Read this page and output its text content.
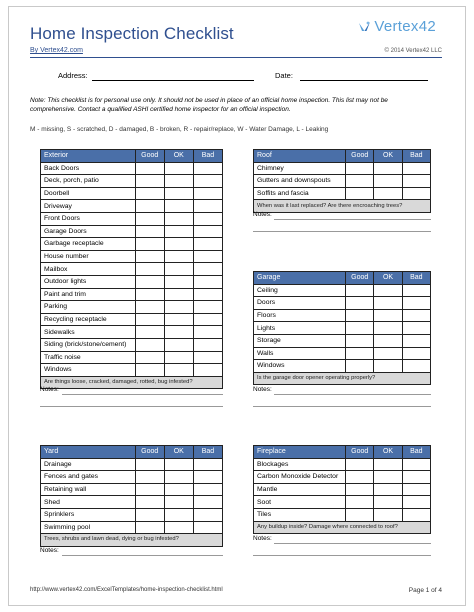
Home Inspection Checklist
By Vertex42.com
Vertex42
© 2014 Vertex42 LLC
Address:	Date:
Note: This checklist is for personal use only. It should not be used in place of an official home inspection. This list may not be comprehensive. Contact a qualified ASHI certified home inspector for an official inspection.
M - missing, S - scratched, D - damaged, B - broken, R - repair/replace, W - Water Damage, L - Leaking
Exterior	Good	OK	Bad
Back Doors			
Deck, porch, patio			
Doorbell			
Driveway			
Front Doors			
Garage Doors			
Garbage receptacle			
House number			
Mailbox			
Outdoor lights			
Paint and trim			
Parking			
Recycling receptacle			
Sidewalks			
Siding (brick/stone/cement)			
Traffic noise			
Windows			
Are things loose, cracked, damaged, rotted, bug infested?			
Notes:
Roof	Good	OK	Bad
Chimney			
Gutters and downspouts			
Soffits and fascia			
When was it last replaced? Are there encroaching trees?			
Notes:
Garage	Good	OK	Bad
Ceiling			
Doors			
Floors			
Lights			
Storage			
Walls			
Windows			
Is the garage door opener operating properly?			
Notes:
Yard	Good	OK	Bad
Drainage			
Fences and gates			
Retaining wall			
Shed			
Sprinklers			
Swimming pool			
Trees, shrubs and lawn dead, dying or bug infested?			
Notes:
Fireplace	Good	OK	Bad
Blockages			
Carbon Monoxide Detector			
Mantle			
Soot			
Tiles			
Any buildup inside? Damage where connected to roof?			
Notes:
http://www.vertex42.com/ExcelTemplates/home-inspection-checklist.html	Page 1 of 4
